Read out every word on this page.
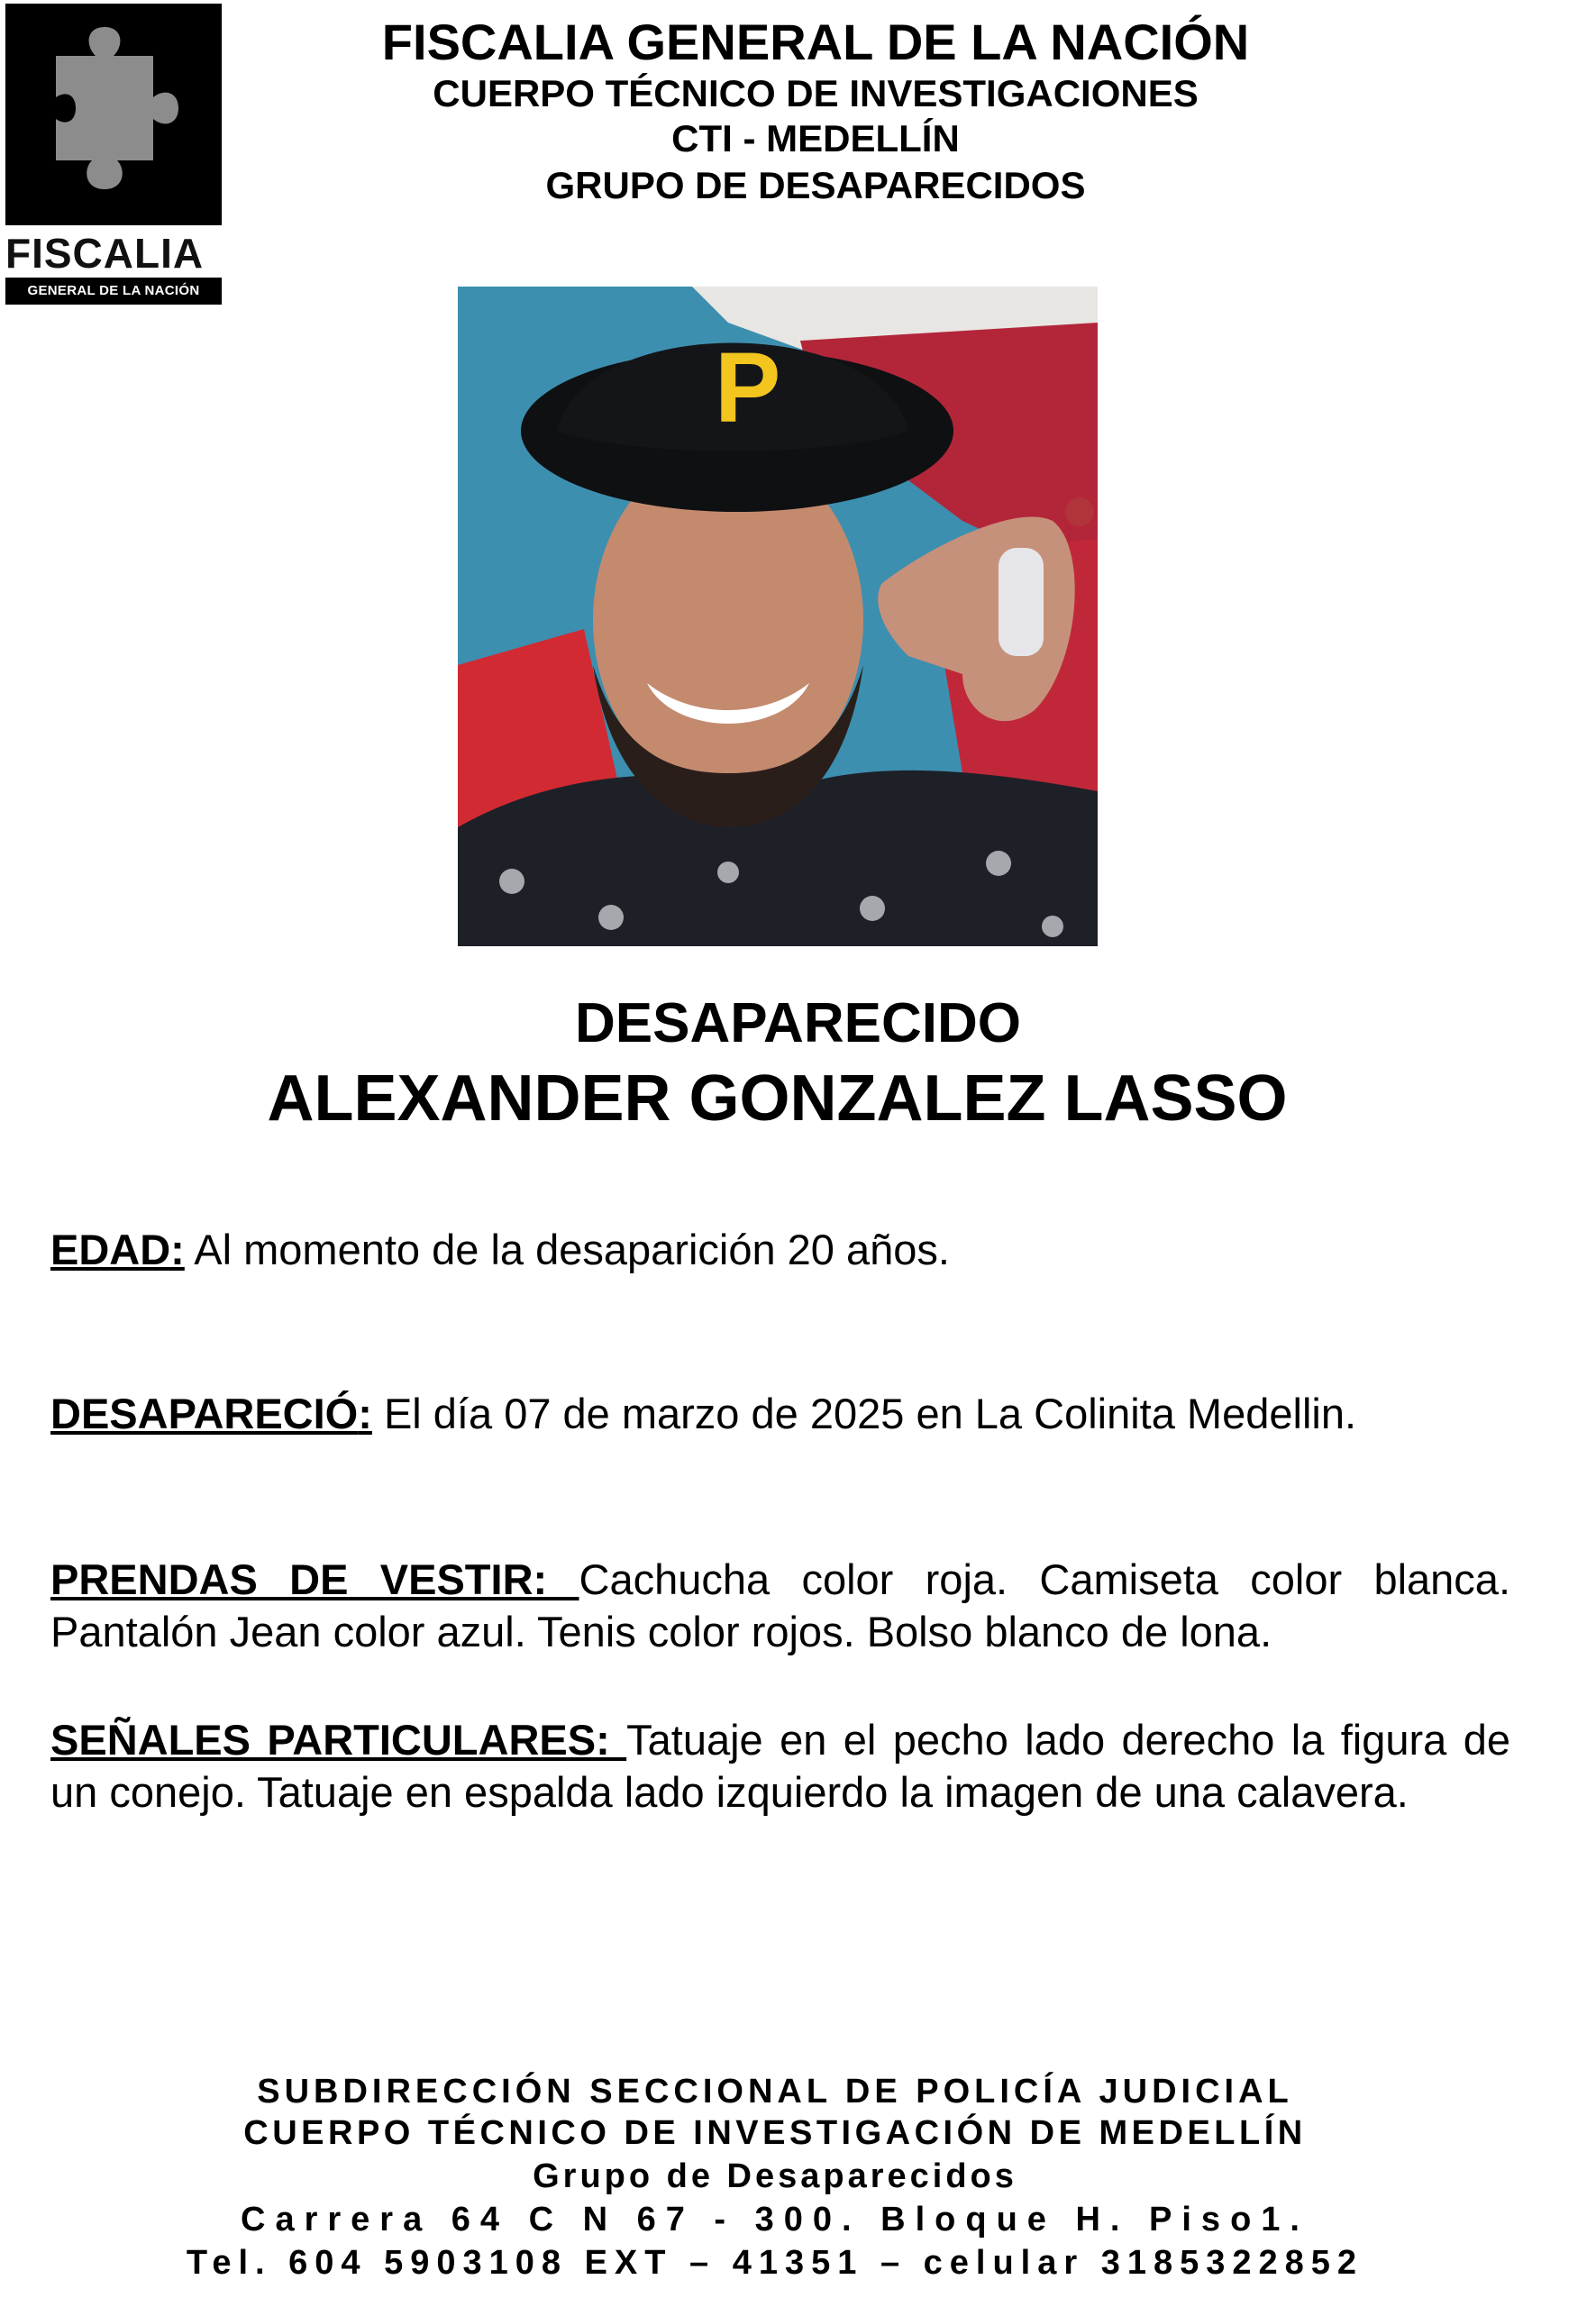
FISCALIA
GENERAL DE LA NACIÓN
FISCALIA GENERAL DE LA NACIÓN
CUERPO TÉCNICO DE INVESTIGACIONES
CTI - MEDELLÍN
GRUPO DE DESAPARECIDOS
P
DESAPARECIDO
ALEXANDER GONZALEZ LASSO
EDAD: Al momento de la desaparición 20 años.
DESAPARECIÓ: El día 07 de marzo de 2025 en La Colinita Medellin.
PRENDAS DE VESTIR: Cachucha color roja. Camiseta color blanca. Pantalón Jean color azul. Tenis color rojos. Bolso blanco de lona.
SEÑALES PARTICULARES: Tatuaje en el pecho lado derecho la figura de un conejo. Tatuaje en espalda lado izquierdo la imagen de una calavera.
SUBDIRECCIÓN SECCIONAL DE POLICÍA JUDICIAL
CUERPO TÉCNICO DE INVESTIGACIÓN DE MEDELLÍN
Grupo de Desaparecidos
Carrera 64 C N 67 - 300. Bloque H. Piso1.
Tel. 604 5903108 EXT – 41351 – celular 3185322852
